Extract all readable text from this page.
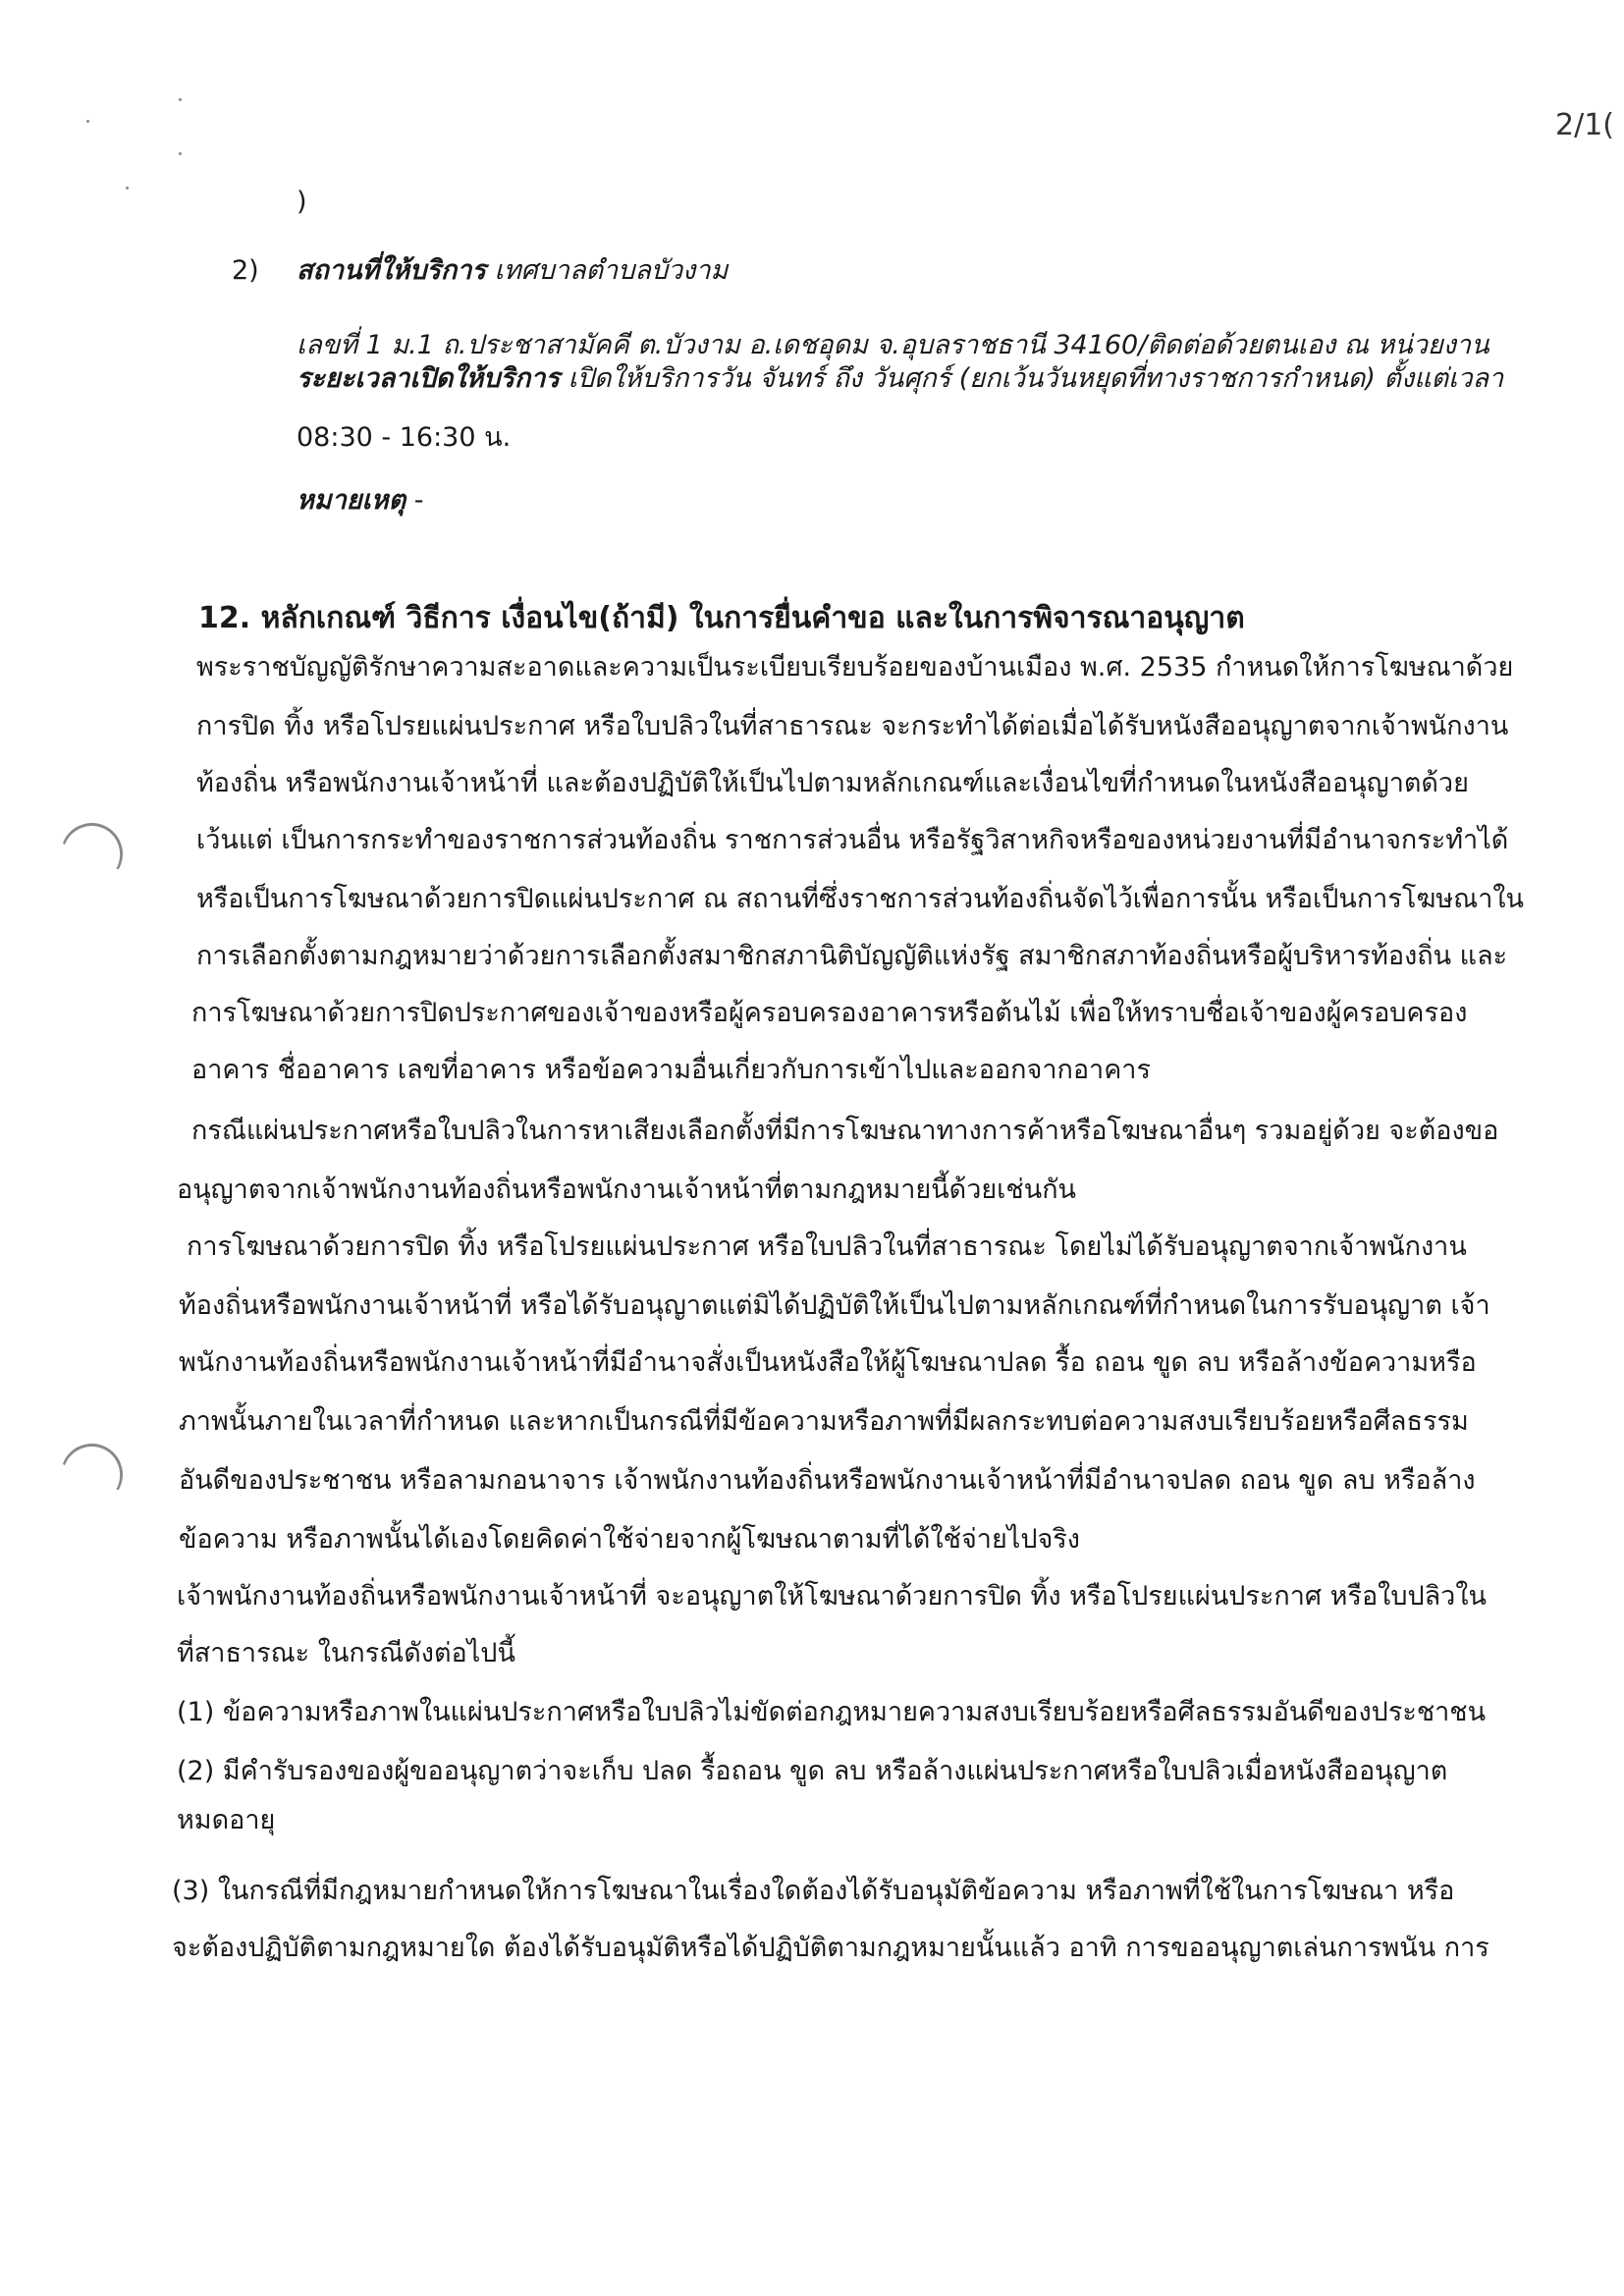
2/1(
)
2) สถานที่ให้บริการ เทศบาลตำบลบัวงาม
เลขที่ 1 ม.1 ถ.ประชาสามัคคี ต.บัวงาม อ.เดชอุดม จ.อุบลราชธานี 34160/ติดต่อด้วยตนเอง ณ หน่วยงาน
ระยะเวลาเปิดให้บริการ เปิดให้บริการวัน จันทร์ ถึง วันศุกร์ (ยกเว้นวันหยุดที่ทางราชการกำหนด) ตั้งแต่เวลา
08:30 - 16:30 น.
หมายเหตุ -
12. หลักเกณฑ์ วิธีการ เงื่อนไข(ถ้ามี) ในการยื่นคำขอ และในการพิจารณาอนุญาต
พระราชบัญญัติรักษาความสะอาดและความเป็นระเบียบเรียบร้อยของบ้านเมือง พ.ศ. 2535 กำหนดให้การโฆษณาด้วย
การปิด ทิ้ง หรือโปรยแผ่นประกาศ หรือใบปลิวในที่สาธารณะ จะกระทำได้ต่อเมื่อได้รับหนังสืออนุญาตจากเจ้าพนักงาน
ท้องถิ่น หรือพนักงานเจ้าหน้าที่ และต้องปฏิบัติให้เป็นไปตามหลักเกณฑ์และเงื่อนไขที่กำหนดในหนังสืออนุญาตด้วย
เว้นแต่ เป็นการกระทำของราชการส่วนท้องถิ่น ราชการส่วนอื่น หรือรัฐวิสาหกิจหรือของหน่วยงานที่มีอำนาจกระทำได้
หรือเป็นการโฆษณาด้วยการปิดแผ่นประกาศ ณ สถานที่ซึ่งราชการส่วนท้องถิ่นจัดไว้เพื่อการนั้น หรือเป็นการโฆษณาใน
การเลือกตั้งตามกฎหมายว่าด้วยการเลือกตั้งสมาชิกสภานิติบัญญัติแห่งรัฐ สมาชิกสภาท้องถิ่นหรือผู้บริหารท้องถิ่น และ
การโฆษณาด้วยการปิดประกาศของเจ้าของหรือผู้ครอบครองอาคารหรือต้นไม้ เพื่อให้ทราบชื่อเจ้าของผู้ครอบครอง
อาคาร ชื่ออาคาร เลขที่อาคาร หรือข้อความอื่นเกี่ยวกับการเข้าไปและออกจากอาคาร
กรณีแผ่นประกาศหรือใบปลิวในการหาเสียงเลือกตั้งที่มีการโฆษณาทางการค้าหรือโฆษณาอื่นๆ รวมอยู่ด้วย จะต้องขอ
อนุญาตจากเจ้าพนักงานท้องถิ่นหรือพนักงานเจ้าหน้าที่ตามกฎหมายนี้ด้วยเช่นกัน
การโฆษณาด้วยการปิด ทิ้ง หรือโปรยแผ่นประกาศ หรือใบปลิวในที่สาธารณะ โดยไม่ได้รับอนุญาตจากเจ้าพนักงาน
ท้องถิ่นหรือพนักงานเจ้าหน้าที่ หรือได้รับอนุญาตแต่มิได้ปฏิบัติให้เป็นไปตามหลักเกณฑ์ที่กำหนดในการรับอนุญาต เจ้า
พนักงานท้องถิ่นหรือพนักงานเจ้าหน้าที่มีอำนาจสั่งเป็นหนังสือให้ผู้โฆษณาปลด รื้อ ถอน ขูด ลบ หรือล้างข้อความหรือ
ภาพนั้นภายในเวลาที่กำหนด และหากเป็นกรณีที่มีข้อความหรือภาพที่มีผลกระทบต่อความสงบเรียบร้อยหรือศีลธรรม
อันดีของประชาชน หรือลามกอนาจาร เจ้าพนักงานท้องถิ่นหรือพนักงานเจ้าหน้าที่มีอำนาจปลด ถอน ขูด ลบ หรือล้าง
ข้อความ หรือภาพนั้นได้เองโดยคิดค่าใช้จ่ายจากผู้โฆษณาตามที่ได้ใช้จ่ายไปจริง
เจ้าพนักงานท้องถิ่นหรือพนักงานเจ้าหน้าที่ จะอนุญาตให้โฆษณาด้วยการปิด ทิ้ง หรือโปรยแผ่นประกาศ หรือใบปลิวใน
ที่สาธารณะ ในกรณีดังต่อไปนี้
(1) ข้อความหรือภาพในแผ่นประกาศหรือใบปลิวไม่ขัดต่อกฎหมายความสงบเรียบร้อยหรือศีลธรรมอันดีของประชาชน
(2) มีคำรับรองของผู้ขออนุญาตว่าจะเก็บ ปลด รื้อถอน ขูด ลบ หรือล้างแผ่นประกาศหรือใบปลิวเมื่อหนังสืออนุญาต
หมดอายุ
(3) ในกรณีที่มีกฎหมายกำหนดให้การโฆษณาในเรื่องใดต้องได้รับอนุมัติข้อความ หรือภาพที่ใช้ในการโฆษณา หรือ
จะต้องปฏิบัติตามกฎหมายใด ต้องได้รับอนุมัติหรือได้ปฏิบัติตามกฎหมายนั้นแล้ว อาทิ การขออนุญาตเล่นการพนัน การ
